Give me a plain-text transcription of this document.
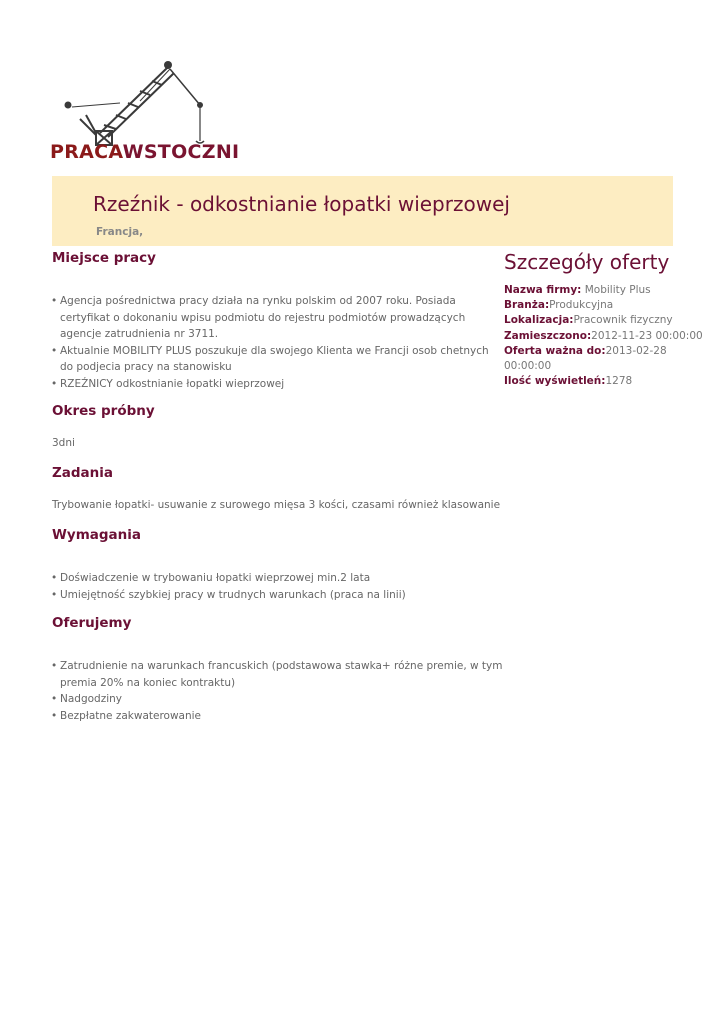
PRACAWSTOCZNI
Rzeźnik - odkostnianie łopatki wieprzowej
Francja,
Miejsce pracy
• Agencja pośrednictwa pracy działa na rynku polskim od 2007 roku. Posiada certyfikat o dokonaniu wpisu podmiotu do rejestru podmiotów prowadzących agencje zatrudnienia nr 3711.
• Aktualnie MOBILITY PLUS poszukuje dla swojego Klienta we Francji osob chetnych do podjecia pracy na stanowisku
• RZEŹNICY odkostnianie łopatki wieprzowej
Okres próbny

3dni

Zadania

Trybowanie łopatki- usuwanie z surowego mięsa 3 kości, czasami również klasowanie

Wymagania
• Doświadczenie w trybowaniu łopatki wieprzowej min.2 lata
• Umiejętność szybkiej pracy w trudnych warunkach (praca na linii)
Oferujemy
• Zatrudnienie na warunkach francuskich (podstawowa stawka+ różne premie, w tym premia 20% na koniec kontraktu)
• Nadgodziny
• Bezpłatne zakwaterowanie
Szczegóły oferty
Nazwa firmy: Mobility Plus
Branża:Produkcyjna
Lokalizacja:Pracownik fizyczny
Zamieszczono:2012-11-23 00:00:00
Oferta ważna do:2013-02-28 00:00:00
Ilość wyświetleń:1278
